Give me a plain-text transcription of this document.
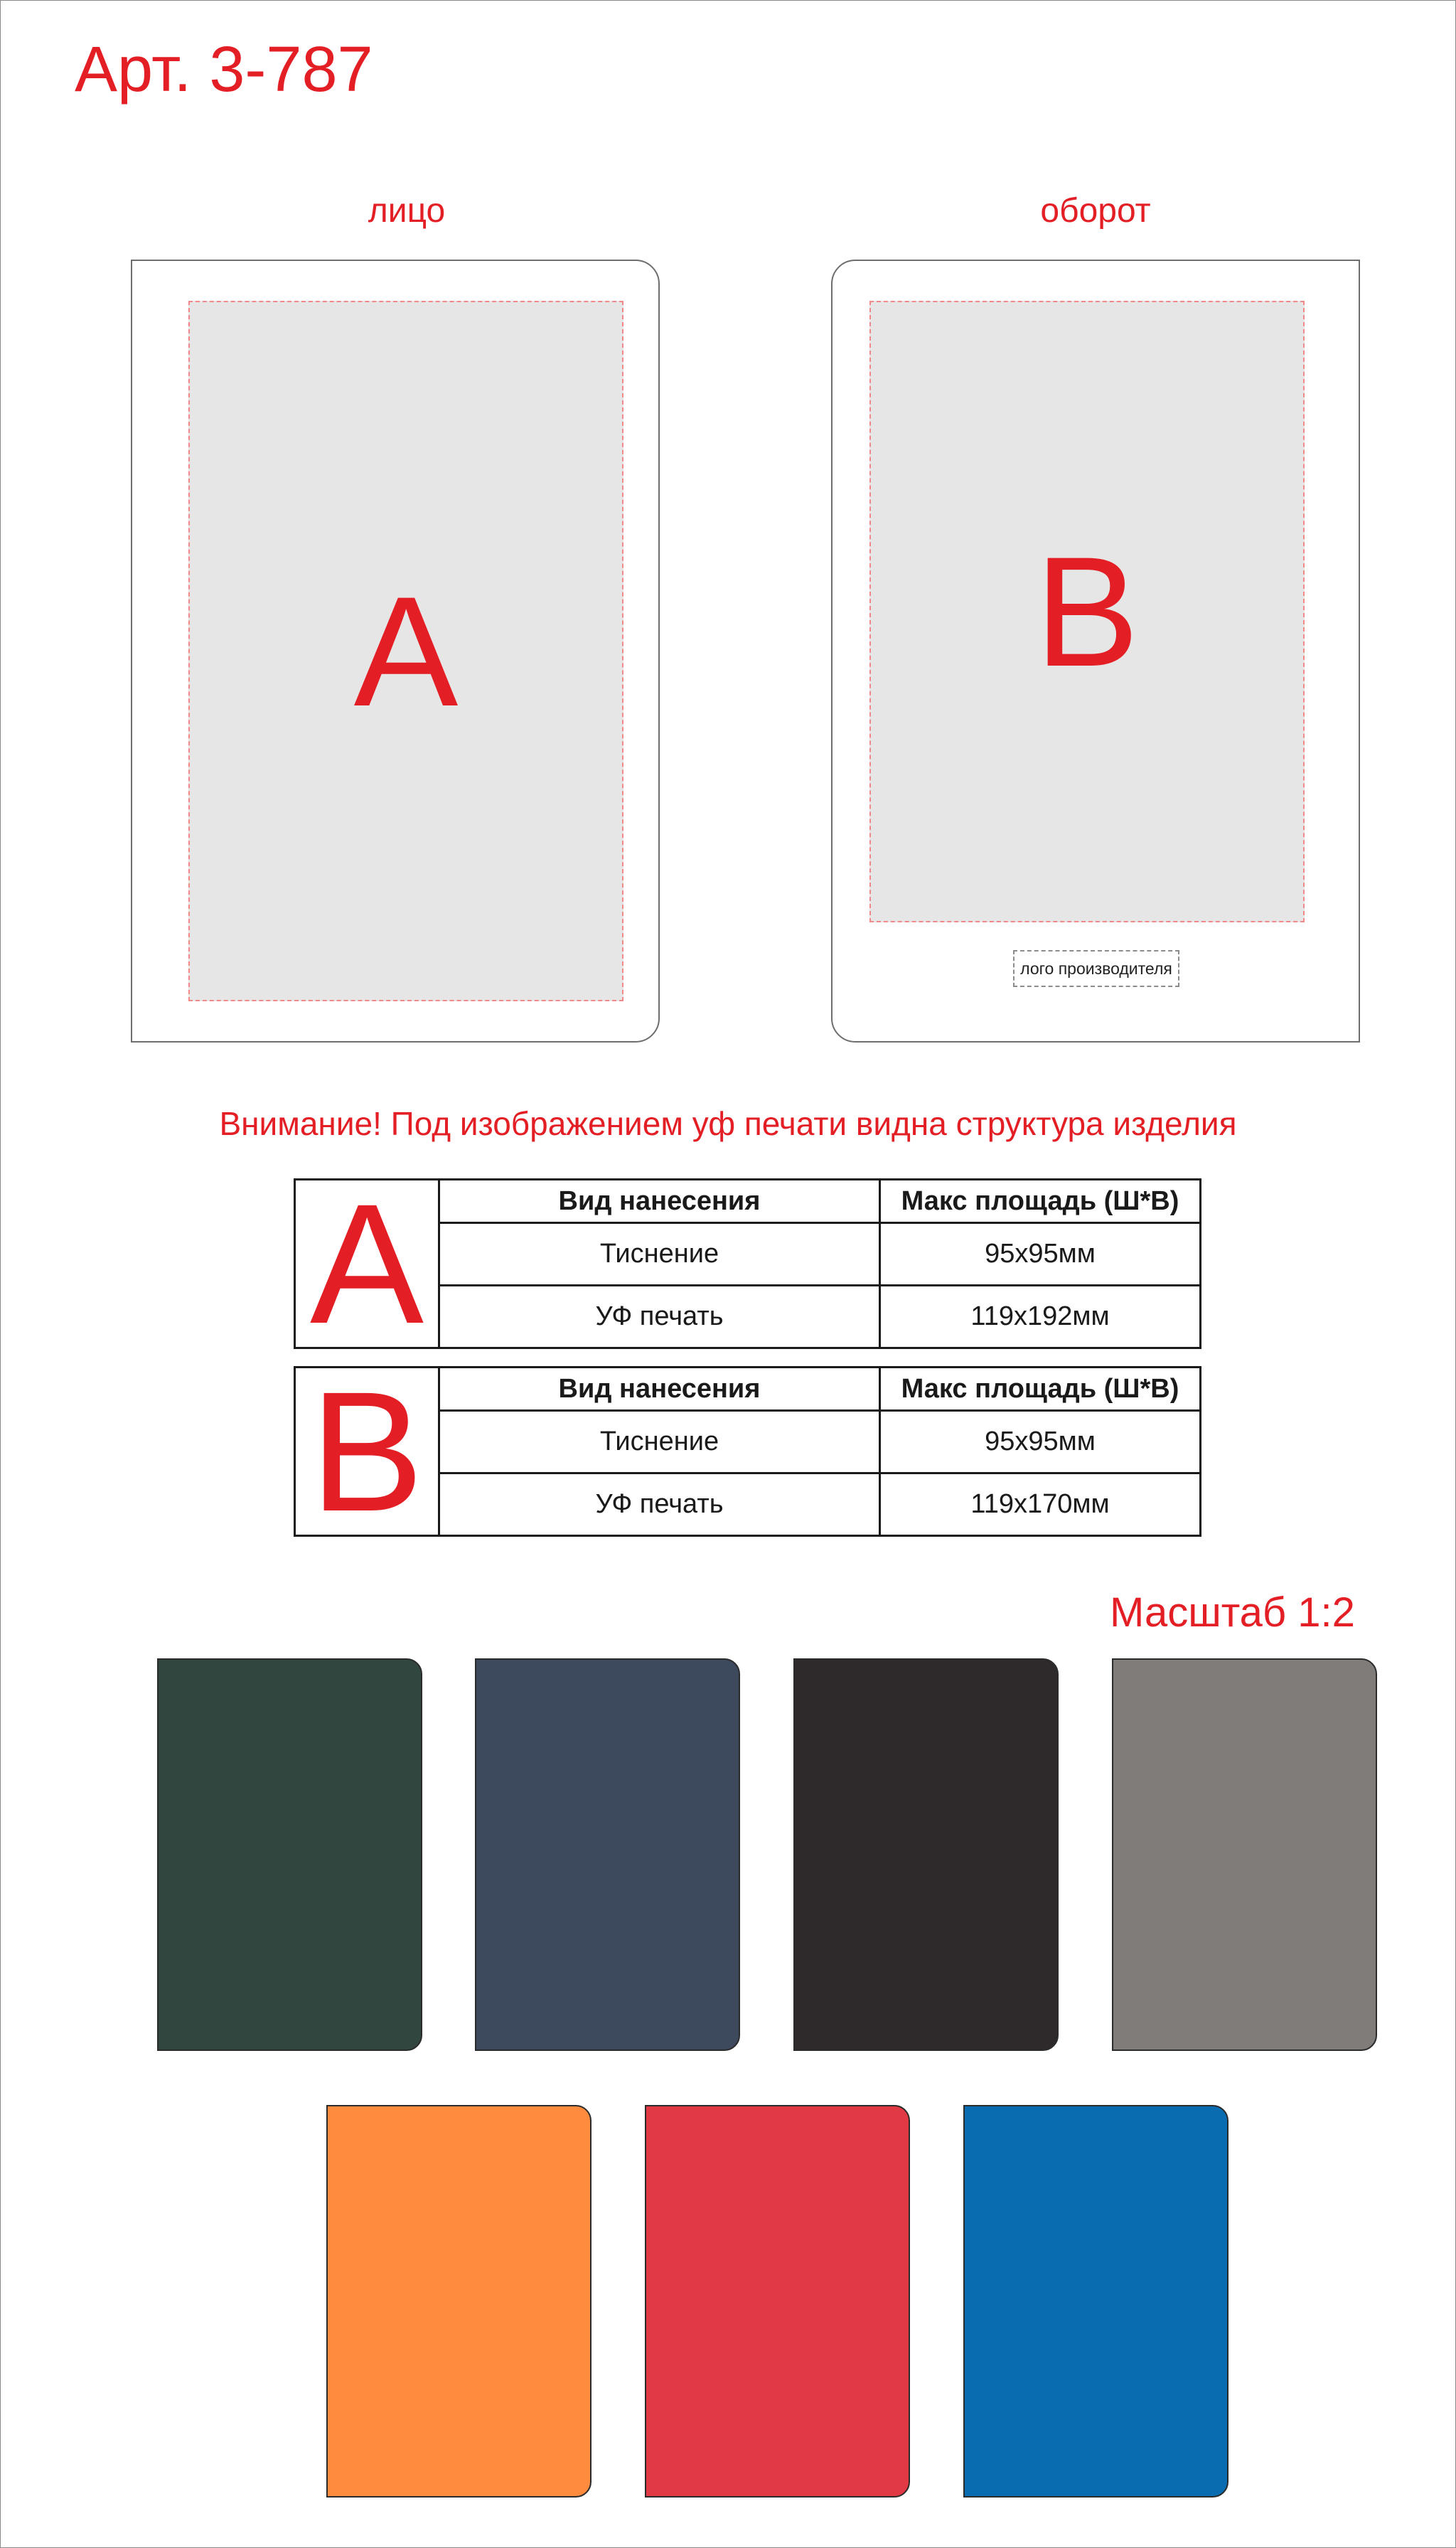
Арт. 3-787
лицо
A
оборот
B
лого производителя
Внимание! Под изображением уф печати видна структура изделия
A	Вид нанесения	Макс площадь (Ш*В)
Тиснение	95х95мм
УФ печать	119х192мм
B	Вид нанесения	Макс площадь (Ш*В)
Тиснение	95х95мм
УФ печать	119х170мм
Масштаб 1:2
